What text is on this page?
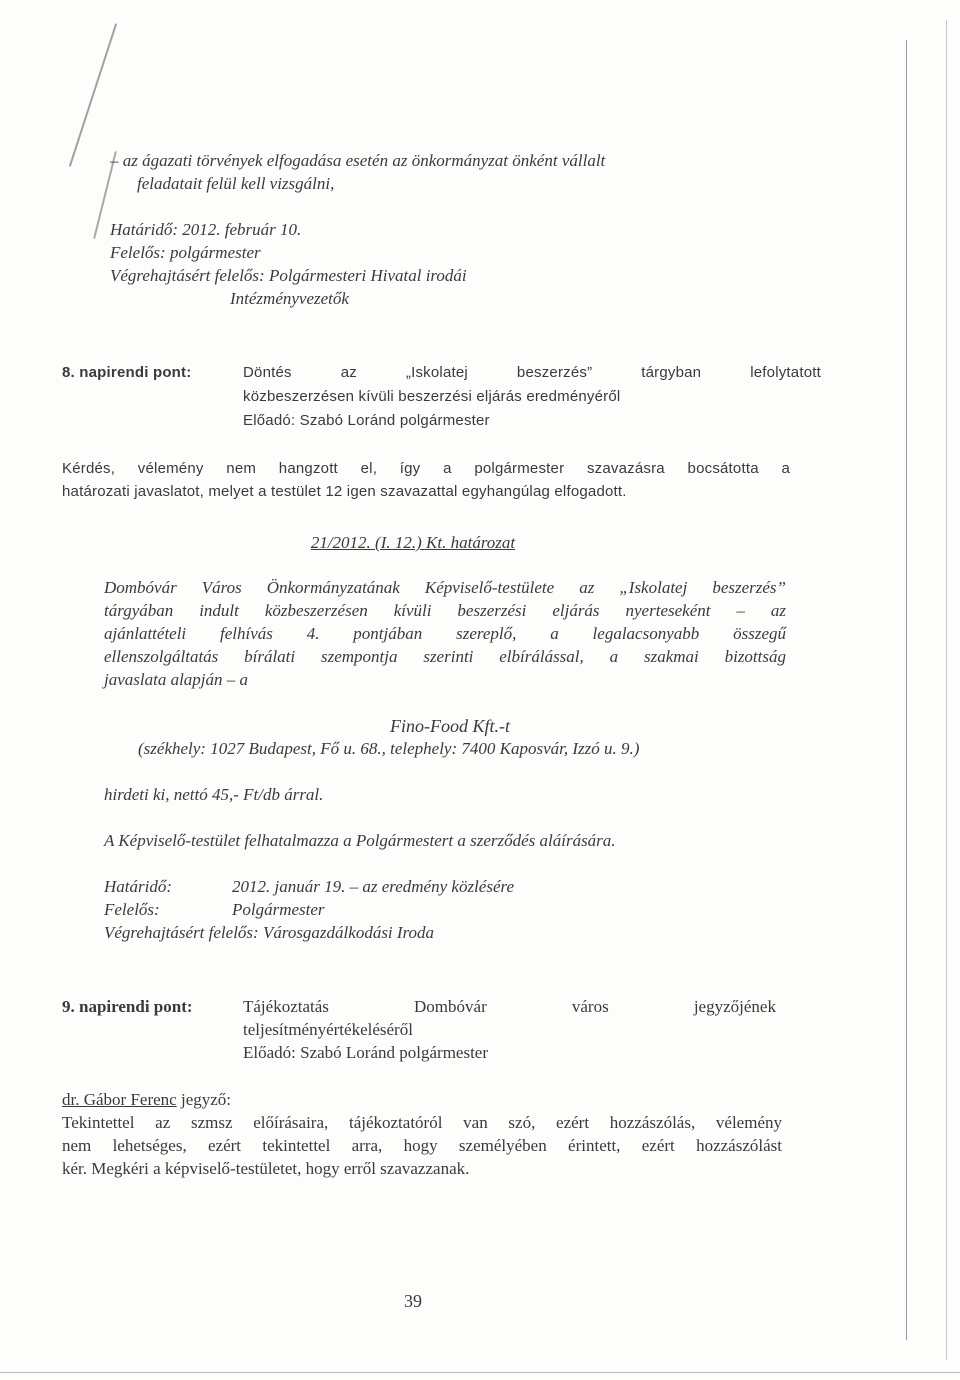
– az ágazati törvények elfogadása esetén az önkormányzat önként vállalt
feladatait felül kell vizsgálni,
Határidő: 2012. február 10.
Felelős: polgármester
Végrehajtásért felelős: Polgármesteri Hivatal irodái
Intézményvezetők
8. napirendi pont:	Döntés	az	„Iskolatej	beszerzés”	tárgyban	lefolytatott
közbeszerzésen kívüli beszerzési eljárás eredményéről
Előadó: Szabó Loránd polgármester
Kérdés, vélemény nem hangzott el, így a polgármester szavazásra bocsátotta a
határozati javaslatot, melyet a testület 12 igen szavazattal egyhangúlag elfogadott.
21/2012. (I. 12.) Kt. határozat
Dombóvár Város Önkormányzatának Képviselő-testülete az „Iskolatej beszerzés”
tárgyában indult közbeszerzésen kívüli beszerzési eljárás nyerteseként – az
ajánlattételi felhívás 4. pontjában szereplő, a legalacsonyabb összegű
ellenszolgáltatás bírálati szempontja szerinti elbírálással, a szakmai bizottság
javaslata alapján – a
Fino-Food Kft.-t
(székhely: 1027 Budapest, Fő u. 68., telephely: 7400 Kaposvár, Izzó u. 9.)
hirdeti ki, nettó 45,- Ft/db árral.
A Képviselő-testület felhatalmazza a Polgármestert a szerződés aláírására.
Határidő:	2012. január 19. – az eredmény közlésére
Felelős:	Polgármester
Végrehajtásért felelős: Városgazdálkodási Iroda
9. napirendi pont:	Tájékoztatás	Dombóvár	város	jegyzőjének
teljesítményértékeléséről
Előadó: Szabó Loránd polgármester
dr. Gábor Ferenc jegyző:
Tekintettel az szmsz előírásaira, tájékoztatóról van szó, ezért hozzászólás, vélemény
nem lehetséges, ezért tekintettel arra, hogy személyében érintett, ezért hozzászólást
kér. Megkéri a képviselő-testületet, hogy erről szavazzanak.
39
